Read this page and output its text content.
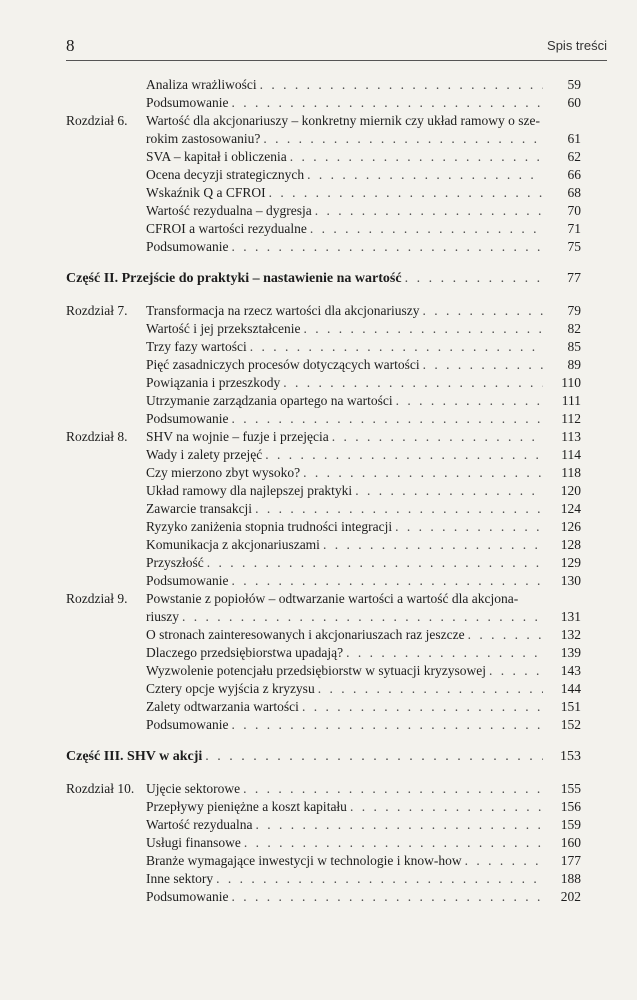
8	Spis treści
Analiza wrażliwości . . .	59
Podsumowanie . . .	60
Rozdział 6. Wartość dla akcjonariuszy – konkretny miernik czy układ ramowy o sze-
rokim zastosowaniu? . . .	61
SVA – kapitał i obliczenia . . .	62
Ocena decyzji strategicznych . . .	66
Wskaźnik Q a CFROI . . .	68
Wartość rezydualna – dygresja . . .	70
CFROI a wartości rezydualne . . .	71
Podsumowanie . . .	75
Część II. Przejście do praktyki – nastawienie na wartość . . .	77
Rozdział 7. Transformacja na rzecz wartości dla akcjonariuszy . . .	79
Wartość i jej przekształcenie . . .	82
Trzy fazy wartości . . .	85
Pięć zasadniczych procesów dotyczących wartości . . .	89
Powiązania i przeszkody . . .	110
Utrzymanie zarządzania opartego na wartości . . .	111
Podsumowanie . . .	112
Rozdział 8. SHV na wojnie – fuzje i przejęcia . . .	113
Wady i zalety przejęć . . .	114
Czy mierzono zbyt wysoko? . . .	118
Układ ramowy dla najlepszej praktyki . . .	120
Zawarcie transakcji . . .	124
Ryzyko zaniżenia stopnia trudności integracji . . .	126
Komunikacja z akcjonariuszami . . .	128
Przyszłość . . .	129
Podsumowanie . . .	130
Rozdział 9. Powstanie z popiołów – odtwarzanie wartości a wartość dla akcjona-
riuszy . . .	131
O stronach zainteresowanych i akcjonariuszach raz jeszcze . . .	132
Dlaczego przedsiębiorstwa upadają? . . .	139
Wyzwolenie potencjału przedsiębiorstw w sytuacji kryzysowej . . .	143
Cztery opcje wyjścia z kryzysu . . .	144
Zalety odtwarzania wartości . . .	151
Podsumowanie . . .	152
Część III. SHV w akcji . . .	153
Rozdział 10. Ujęcie sektorowe . . .	155
Przepływy pieniężne a koszt kapitału . . .	156
Wartość rezydualna . . .	159
Usługi finansowe . . .	160
Branże wymagające inwestycji w technologie i know-how . . .	177
Inne sektory . . .	188
Podsumowanie . . .	202
